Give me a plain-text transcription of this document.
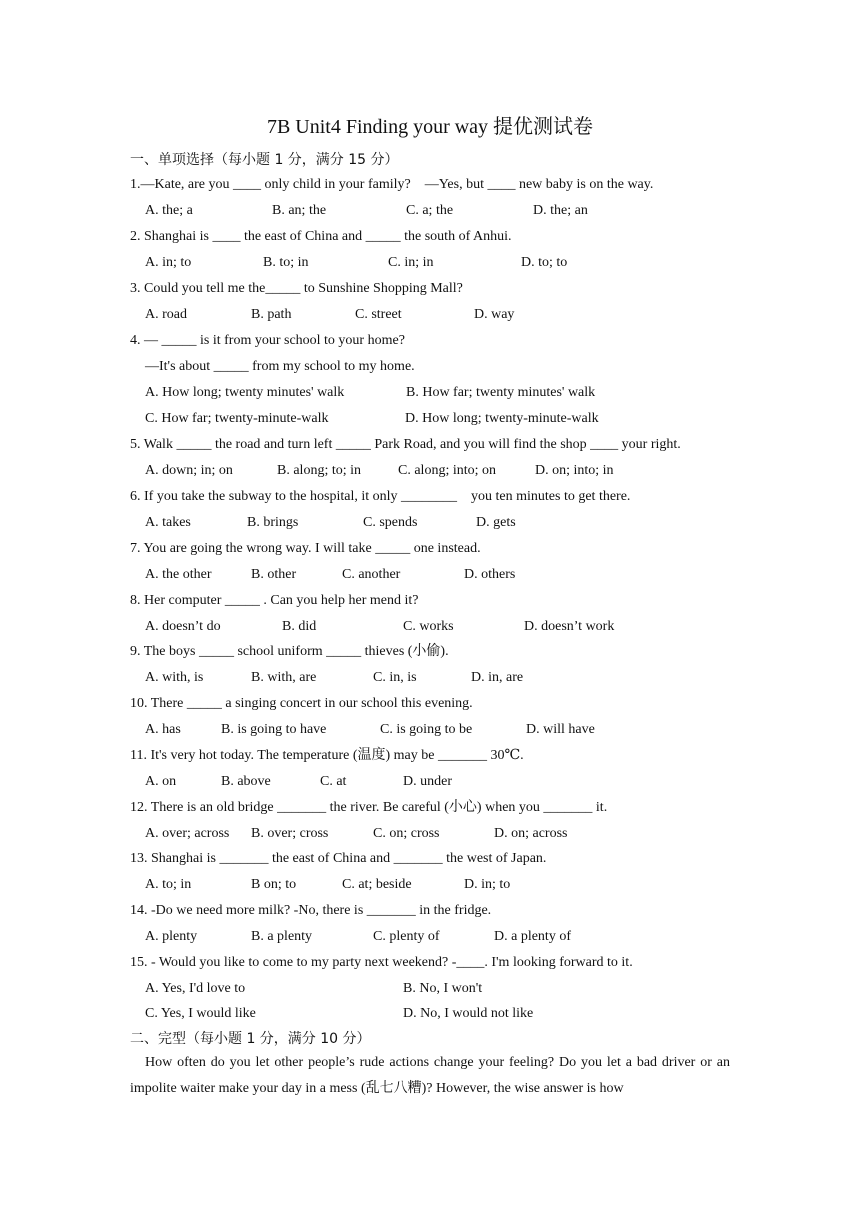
7B Unit4 Finding your way 提优测试卷
一、单项选择（每小题 1 分，满分 15 分）
1.—Kate, are you ____ only child in your family?    —Yes, but ____ new baby is on the way.
A. the; a	B. an; the	C. a; the	D. the; an
2. Shanghai is ____ the east of China and _____ the south of Anhui.
A. in; to	B. to; in	C. in; in	D. to; to
3. Could you tell me the_____ to Sunshine Shopping Mall?
A. road	B. path	C. street	D. way
4. — _____ is it from your school to your home?
—It's about _____ from my school to my home.
A. How long; twenty minutes' walk	B. How far; twenty minutes' walk
C. How far; twenty-minute-walk	D. How long; twenty-minute-walk
5. Walk _____ the road and turn left _____ Park Road, and you will find the shop ____ your right.
A. down; in; on	B. along; to; in	C. along; into; on	D. on; into; in
6. If you take the subway to the hospital, it only ________    you ten minutes to get there.
A. takes	B. brings	C. spends	D. gets
7. You are going the wrong way. I will take _____ one instead.
A. the other	B. other	C. another	D. others
8. Her computer _____ . Can you help her mend it?
A. doesn’t do	B. did	C. works	D. doesn’t work
9. The boys _____ school uniform _____ thieves (小偷).
A. with, is	B. with, are	C. in, is	D. in, are
10. There _____ a singing concert in our school this evening.
A. has	B. is going to have	C. is going to be	D. will have
11. It's very hot today. The temperature (温度) may be _______ 30℃.
A. on	B. above	C. at	D. under
12. There is an old bridge _______ the river. Be careful (小心) when you _______ it.
A. over; across B. over; cross	C. on; cross	D. on; across
13. Shanghai is _______ the east of China and _______ the west of Japan.
A. to; in	B on; to	C. at; beside	D. in; to
14. -Do we need more milk? -No, there is _______ in the fridge.
A. plenty	B. a plenty	C. plenty of	D. a plenty of
15. - Would you like to come to my party next weekend? -____. I'm looking forward to it.
A. Yes, I'd love to	B. No, I won't
C. Yes, I would like	D. No, I would not like
二、完型（每小题 1 分，满分 10 分）
How often do you let other people’s rude actions change your feeling? Do you let a bad driver or an impolite waiter make your day in a mess (乱七八糟)? However, the wise answer is how
